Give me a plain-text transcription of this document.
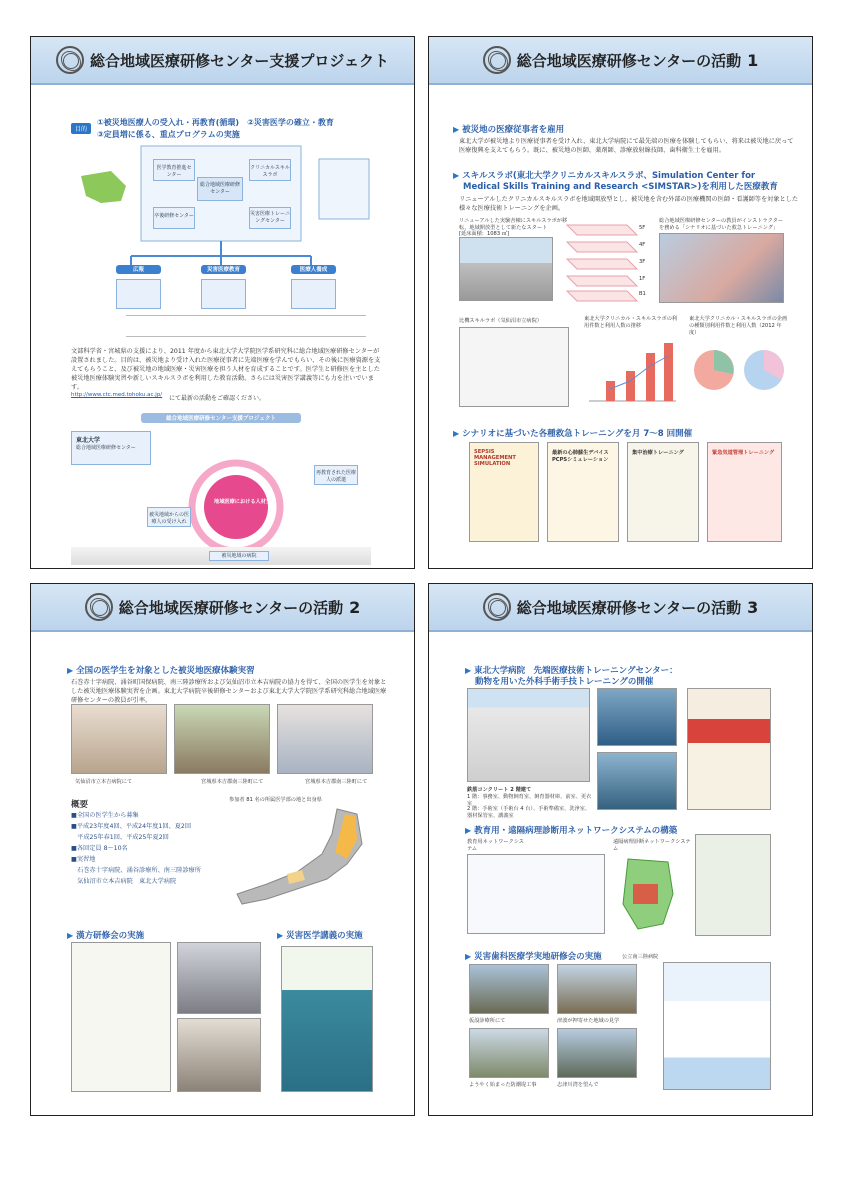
総合地域医療研修センター支援プロジェクト
目的
①被災地医療人の受入れ・再教育(循環)　②災害医学の確立・教育
③定員増に係る、重点プログラムの実施
医学教育推進センター
総合地域医療研修センター
クリニカルスキルスラボ
卒後研修センター	災害医療トレーニングセンター
広報	災害医療教育	医療人養成
文部科学省・宮城県の支援により、2011 年度から東北大学大学院医学系研究科に総合地域医療研修センターが設置されました。目的は、被災地より受け入れた医療従事者に先端医療を学んでもらい、その後に医療資源を支えてもらうこと、及び被災地の地域医療・災害医療を担う人材を育成することです。医学生と研修医を主とした被災地医療体験実習や新しいスキルスラボを利用した教育活動、さらには災害医学講義等にも力を注いでいます。
http://www.ctc.med.tohoku.ac.jp/ にて最新の活動をご確認ください。
総合地域医療研修センター支援プロジェクト
東北大学
総合地域医療研修センター
地域医療における人材交流
被災地域からの医療人の受け入れ
再教育された医療人の派遣
被災地域の病院
総合地域医療研修センターの活動 1
▶ 被災地の医療従事者を雇用
東北大学が被災地より医療従事者を受け入れ、東北大学病院にて最先端の医療を体験してもらい、将来は被災地に戻って医療復興を支えてもらう。既に、被災地の医師、薬剤師、診療放射線技師、歯科衛生士を雇用。
▶ スキルスラボ(東北大学クリニカルスキルスラボ、Simulation Center for
Medical Skills Training and Research <SIMSTAR>)を利用した医療教育
リニューアルしたクリニカルスキルスラボを地域開放型とし、被災地を含む外部の医療機関の医師・看護師等を対象とした様々な医療技術トレーニングを企画。
リニューアルした実験舎棟にスキルスラボが移転、地域開放型として新たなスタート
[延床面積：1083 ㎡]
5F
4F
3F
1F
B1
総合地域医療研修センターの教員がインストラクターを務める「シナリオに基づいた救急トレーニング」
比機スキルラボ（気仙沼市立病院）	東北大学クリニカル・スキルスラボの利用件数と利用人数の推移
東北大学クリニカル・スキルスラボの企画の種類別利用件数と利用人数（2012 年度）
▶ シナリオに基づいた各種救急トレーニングを月 7～8 回開催
SEPSIS MANAGEMENT SIMULATION
最新の心肺蘇生デバイスPCPSシミュレーション
集中治療トレーニング	緊急気道管理トレーニング
総合地域医療研修センターの活動 2
▶ 全国の医学生を対象とした被災地医療体験実習
石巻赤十字病院、涌谷町国保病院、南三陸診療所および気仙沼市立本吉病院の協力を得て、全国の医学生を対象とした被災地医療体験実習を企画。東北大学病院卒後研修センターおよび東北大学大学院医学系研究科総合地域医療研修センターの教員が引率。
気仙沼市立本吉病院にて	宮城県本吉郡南三陸町にて	宮城県本吉郡南三陸町にて
概要
■全国の医学生から募集
■平成23年度4回、平成24年度1回、夏2回
　平成25年春1回、平成25年夏2回
■各回定員 8～10名
■実習地
　石巻赤十字病院、涌谷診療所、南三陸診療所
　気仙沼市立本吉病院　東北大学病院
参加者 81 名の所属医学部の地と出身県
▶ 漢方研修会の実施	▶ 災害医学講義の実施
総合地域医療研修センターの活動 3
▶ 東北大学病院　先端医療技術トレーニングセンター：
動物を用いた外科手術手技トレーニングの開催
鉄筋コンクリート 2 階建て
1 階：事務室、動物飼育室、飼育器材庫、前室、更衣室
2 階：手術室（手術台 4 台）、手術準備室、洗浄室、器材保管室、講義室
▶ 教育用・遠隔病理診断用ネットワークシステムの構築
教育用ネットワークシステム
遠隔病理診断ネットワークシステム
▶ 災害歯科医療学実地研修会の実施	公立南三陸病院
仮設診療所にて	津波が押寄せた地域の見学
ようやく始まった防潮堤工事	志津川湾を望んで
